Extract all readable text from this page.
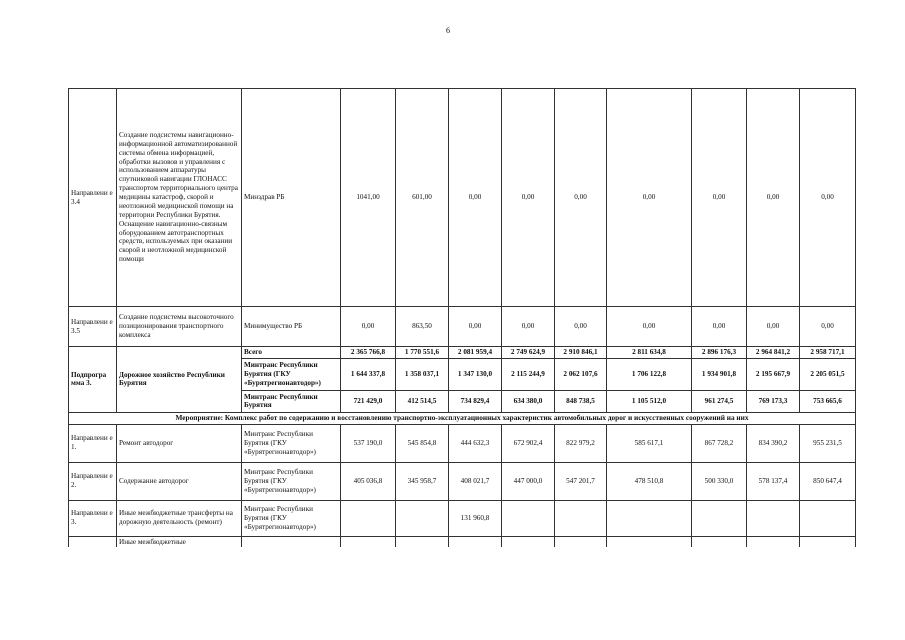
6
Направлени е 3.4	Создание подсистемы навигационно-информационной автоматизированной системы обмена информацией, обработки вызовов и управления с использованием аппаратуры спутниковой навигации ГЛОНАСС транспортом территориального центра медицины катастроф, скорой и неотложной медицинской помощи на территории Республики Бурятия. Оснащение навигационно-связным оборудованием автотранспортных средств, используемых при оказании скорой и неотложной медицинской помощи	Минздрав РБ	1041,00	601,00	0,00	0,00	0,00	0,00	0,00	0,00	0,00
Направлени е 3.5	Создание подсистемы высокоточного позиционирования транспортного комплекса	Минимущество РБ	0,00	863,50	0,00	0,00	0,00	0,00	0,00	0,00	0,00
Подпрогра мма 3.	Дорожное хозяйство Республики Бурятия	Всего	2 365 766,8	1 770 551,6	2 081 959,4	2 749 624,9	2 910 846,1	2 811 634,8	2 896 176,3	2 964 841,2	2 958 717,1
		Минтранс Республики Бурятия (ГКУ «Бурятрегионавтодор»)	1 644 337,8	1 358 037,1	1 347 130,0	2 115 244,9	2 062 107,6	1 706 122,8	1 934 901,8	2 195 667,9	2 205 051,5
		Минтранс Республики Бурятия	721 429,0	412 514,5	734 829,4	634 380,0	848 738,5	1 105 512,0	961 274,5	769 173,3	753 665,6
Мероприятие: Комплекс работ по содержанию и восстановлению транспортно-эксплуатационных характеристик автомобильных дорог и искусственных сооружений на них											
Направлени е 1.	Ремонт автодорог	Минтранс Республики Бурятия (ГКУ «Бурятрегионавтодор»)	537 190,0	545 854,8	444 632,3	672 902,4	822 979,2	585 617,1	867 728,2	834 390,2	955 231,5
Направлени е 2.	Содержание автодорог	Минтранс Республики Бурятия (ГКУ «Бурятрегионавтодор»)	405 036,8	345 958,7	408 021,7	447 000,0	547 201,7	478 510,8	500 330,0	578 137,4	850 647,4
Направлени е 3.	Иные межбюджетные трансферты на дорожную деятельность (ремонт)	Минтранс Республики Бурятия (ГКУ «Бурятрегионавтодор»)			131 960,8						

	Иные межбюджетные										
